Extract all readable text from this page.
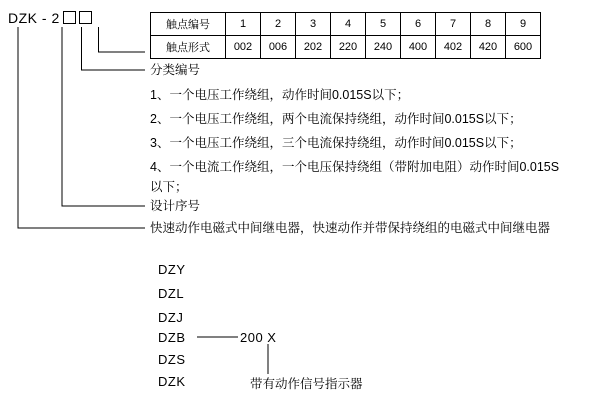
DZK - 2	触点编号	1	2	3	4	5	6	7	8	9
触点形式	002	006	202	220	240	400	402	420	600
分类编号
1、一个电压工作绕组，动作时间0.015S以下；
2、一个电压工作绕组，两个电流保持绕组，动作时间0.015S以下；
3、一个电压工作绕组，三个电流保持绕组，动作时间0.015S以下；
4、一个电流工作绕组，一个电压保持绕组（带附加电阻）动作时间0.015S
以下；
设计序号
快速动作电磁式中间继电器，快速动作并带保持绕组的电磁式中间继电器
DZY
DZL
DZJ
DZB
DZS
DZK
200 X
带有动作信号指示器
